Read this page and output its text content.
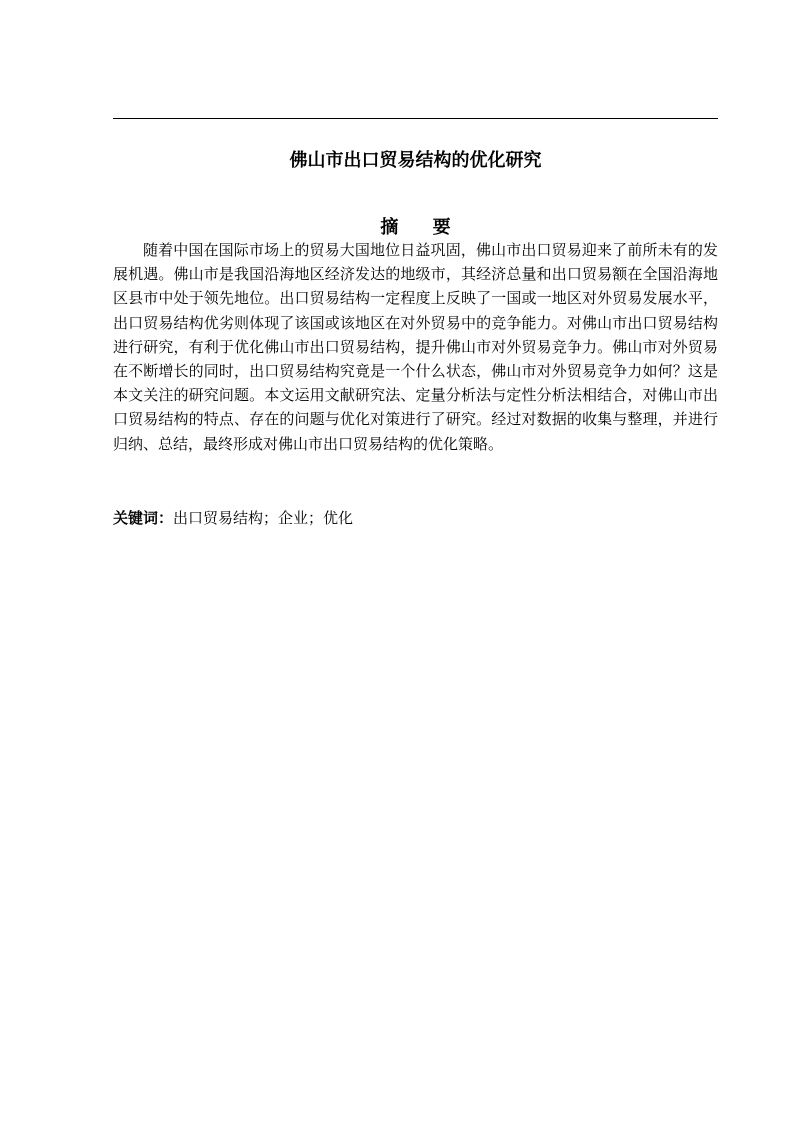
佛山市出口贸易结构的优化研究
摘 要

随着中国在国际市场上的贸易大国地位日益巩固，佛山市出口贸易迎来了前所未有的发展机遇。佛山市是我国沿海地区经济发达的地级市，其经济总量和出口贸易额在全国沿海地区县市中处于领先地位。出口贸易结构一定程度上反映了一国或一地区对外贸易发展水平，出口贸易结构优劣则体现了该国或该地区在对外贸易中的竞争能力。对佛山市出口贸易结构进行研究，有利于优化佛山市出口贸易结构，提升佛山市对外贸易竞争力。佛山市对外贸易在不断增长的同时，出口贸易结构究竟是一个什么状态，佛山市对外贸易竞争力如何？这是本文关注的研究问题。本文运用文献研究法、定量分析法与定性分析法相结合，对佛山市出口贸易结构的特点、存在的问题与优化对策进行了研究。经过对数据的收集与整理，并进行归纳、总结，最终形成对佛山市出口贸易结构的优化策略。

关键词：出口贸易结构；企业；优化
